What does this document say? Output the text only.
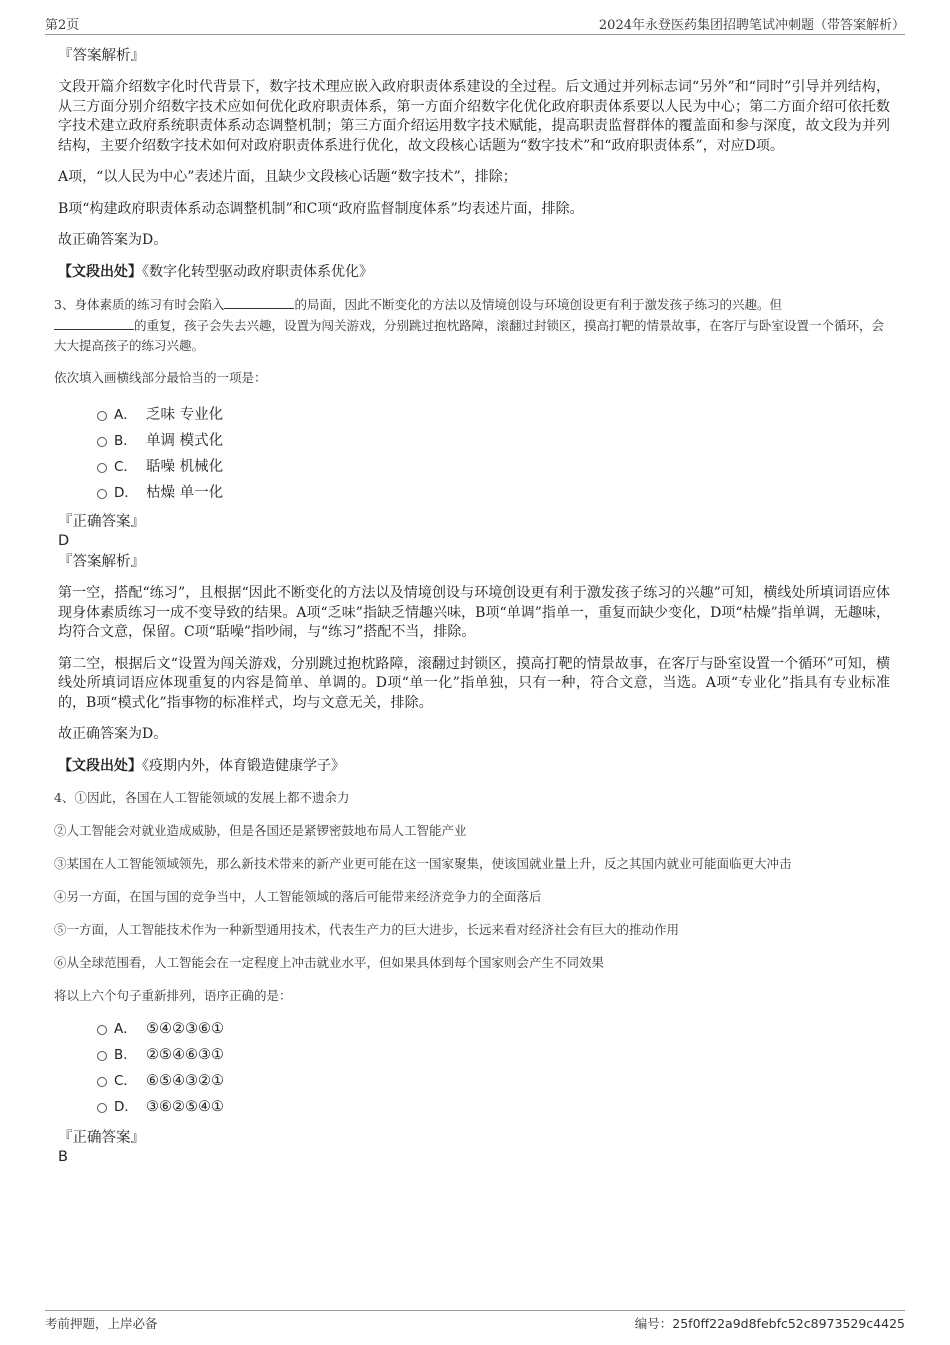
第2页	2024年永登医药集团招聘笔试冲刺题（带答案解析）

『答案解析』

文段开篇介绍数字化时代背景下，数字技术理应嵌入政府职责体系建设的全过程。后文通过并列标志词“另外”和“同时”引导并列结构，从三方面分别介绍数字技术应如何优化政府职责体系，第一方面介绍数字化优化政府职责体系要以人民为中心；第二方面介绍可依托数字技术建立政府系统职责体系动态调整机制；第三方面介绍运用数字技术赋能，提高职责监督群体的覆盖面和参与深度，故文段为并列结构，主要介绍数字技术如何对政府职责体系进行优化，故文段核心话题为“数字技术”和“政府职责体系”，对应D项。

A项，“以人民为中心”表述片面，且缺少文段核心话题“数字技术”，排除；

B项“构建政府职责体系动态调整机制”和C项“政府监督制度体系”均表述片面，排除。

故正确答案为D。

【文段出处】《数字化转型驱动政府职责体系优化》

3、身体素质的练习有时会陷入	的局面，因此不断变化的方法以及情境创设与环境创设更有利于激发孩子练习的兴趣。但
的重复，孩子会失去兴趣，设置为闯关游戏，分别跳过抱枕路障，滚翻过封锁区，摸高打靶的情景故事，在客厅与卧室设置一个循环，会大大提高孩子的练习兴趣。

依次填入画横线部分最恰当的一项是：

A． 乏味 专业化
B． 单调 模式化
C． 聒噪 机械化
D． 枯燥 单一化

『正确答案』

D

『答案解析』

第一空，搭配“练习”，且根据“因此不断变化的方法以及情境创设与环境创设更有利于激发孩子练习的兴趣”可知，横线处所填词语应体现身体素质练习一成不变导致的结果。A项“乏味”指缺乏情趣兴味，B项“单调”指单一，重复而缺少变化，D项“枯燥”指单调，无趣味，均符合文意，保留。C项“聒噪”指吵闹，与“练习”搭配不当，排除。

第二空，根据后文“设置为闯关游戏，分别跳过抱枕路障，滚翻过封锁区，摸高打靶的情景故事，在客厅与卧室设置一个循环”可知，横线处所填词语应体现重复的内容是简单、单调的。D项“单一化”指单独，只有一种，符合文意，当选。A项“专业化”指具有专业标准的，B项“模式化”指事物的标准样式，均与文意无关，排除。

故正确答案为D。

【文段出处】《疫期内外，体育锻造健康学子》

4、①因此，各国在人工智能领域的发展上都不遗余力

②人工智能会对就业造成威胁，但是各国还是紧锣密鼓地布局人工智能产业

③某国在人工智能领域领先，那么新技术带来的新产业更可能在这一国家聚集，使该国就业量上升，反之其国内就业可能面临更大冲击

④另一方面，在国与国的竞争当中，人工智能领域的落后可能带来经济竞争力的全面落后

⑤一方面，人工智能技术作为一种新型通用技术，代表生产力的巨大进步，长远来看对经济社会有巨大的推动作用

⑥从全球范围看，人工智能会在一定程度上冲击就业水平，但如果具体到每个国家则会产生不同效果

将以上六个句子重新排列，语序正确的是：

A． ⑤④②③⑥①
B． ②⑤④⑥③①
C． ⑥⑤④③②①
D． ③⑥②⑤④①

『正确答案』

B

考前押题，上岸必备	编号：25f0ff22a9d8febfc52c8973529c4425
